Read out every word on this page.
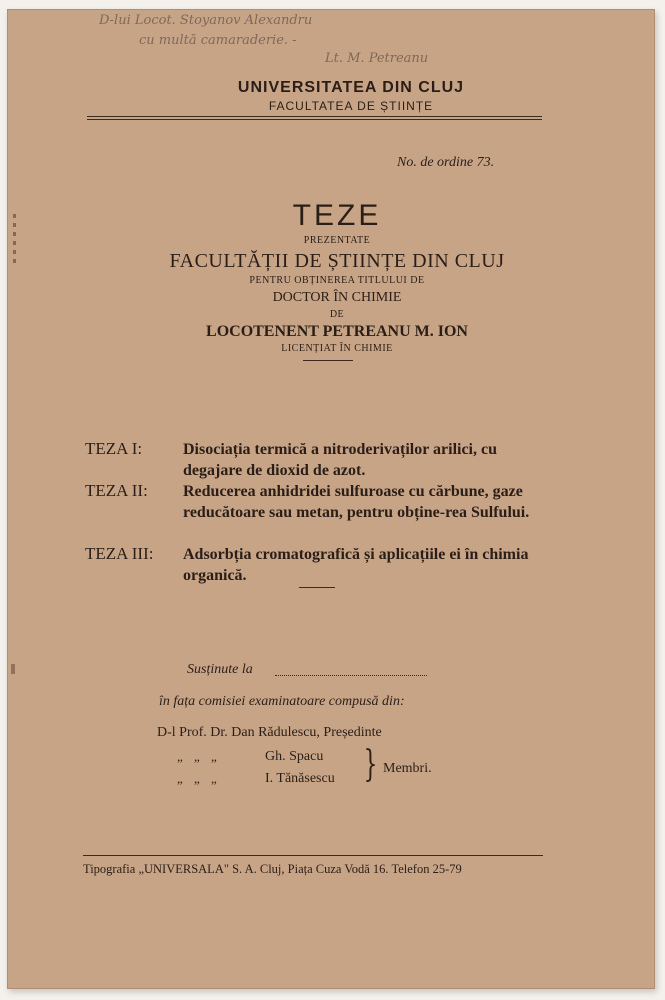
D-lui Locot. Stoyanov Alexandru
cu multă camaraderie. -
Lt. M. Petreanu
UNIVERSITATEA DIN CLUJ
FACULTATEA DE ȘTIINȚE
No. de ordine 73.
TEZE
PREZENTATE
FACULTĂȚII DE ȘTIINȚE DIN CLUJ
PENTRU OBȚINEREA TITLULUI DE
DOCTOR ÎN CHIMIE
DE
LOCOTENENT PETREANU M. ION
LICENȚIAT ÎN CHIMIE
TEZA I:	Disociația termică a nitroderivaților arilici, cu degajare de dioxid de azot.
TEZA II: Reducerea anhidridei sulfuroase cu cărbune, gaze reducătoare sau metan, pentru obține-rea Sulfului.
TEZA III: Adsorbția cromatografică și aplicațiile ei în chimia organică.
Susținute la
în fața comisiei examinatoare compusă din:
D-l Prof. Dr. Dan Rădulescu, Președinte
„ „ „	Gh. Spacu
„ „ „	I. Tănăsescu } Membri.
Tipografia „UNIVERSALA" S. A. Cluj, Piața Cuza Vodă 16. Telefon 25-79
